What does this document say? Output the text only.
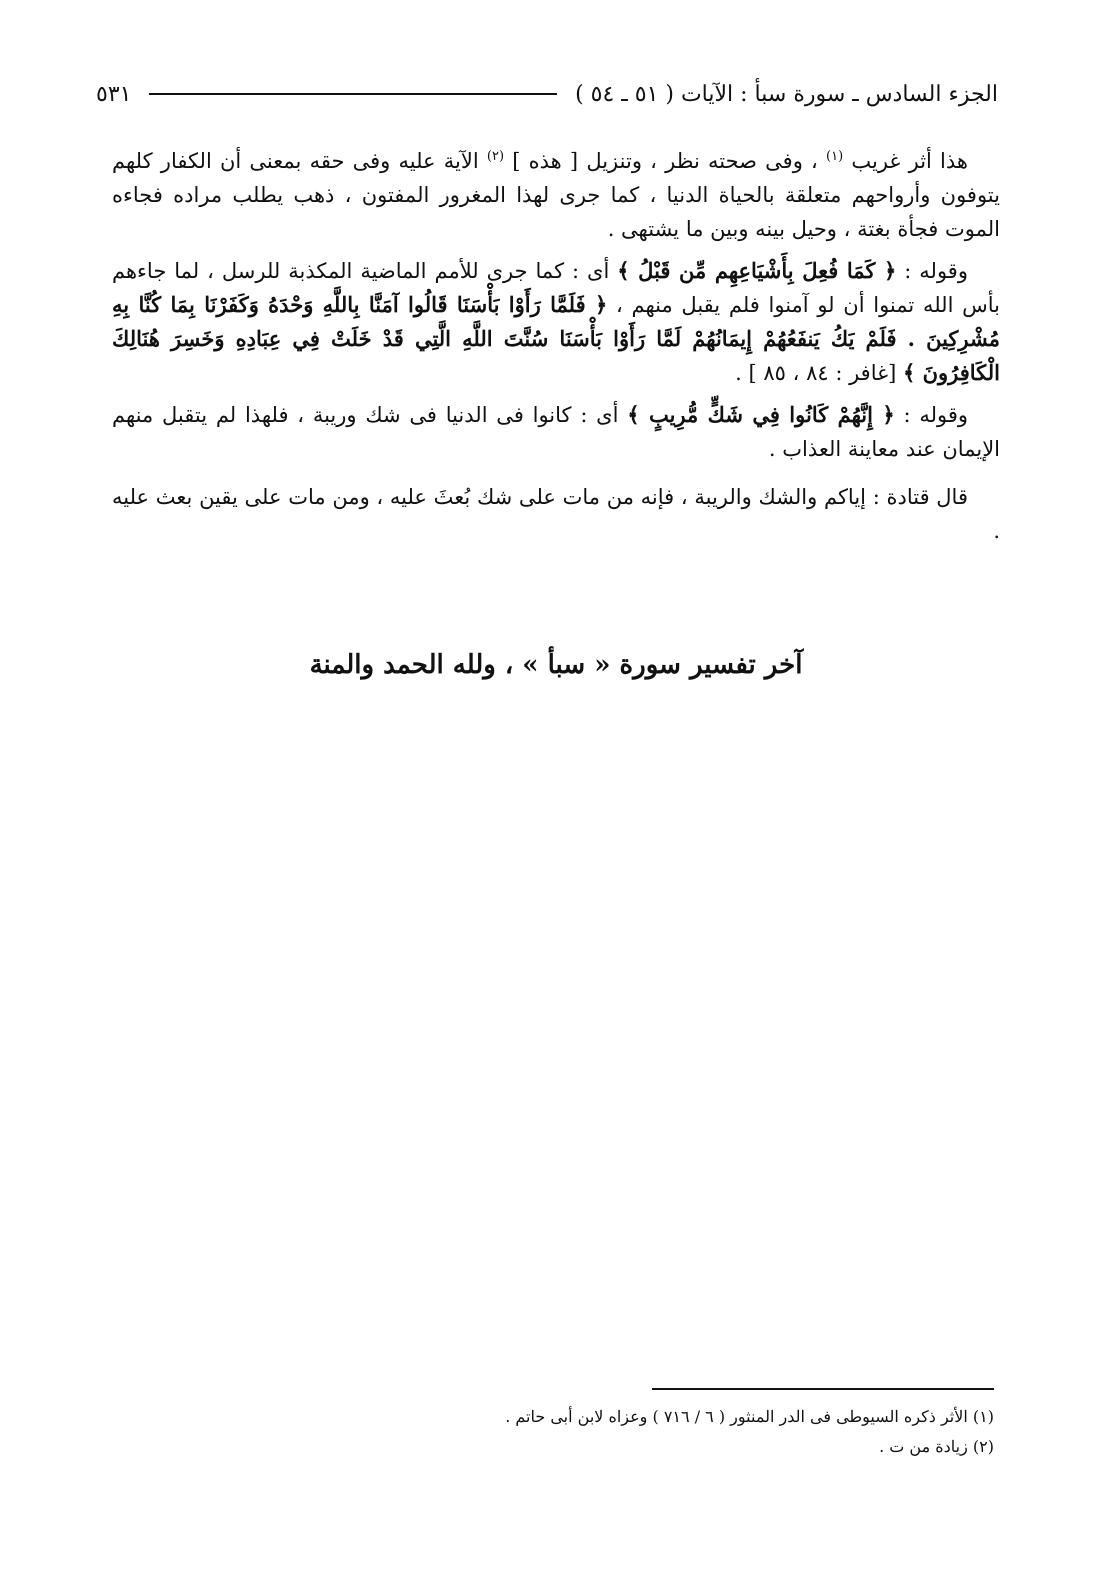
الجزء السادس ـ سورة سبأ : الآيات ( ٥١ ـ ٥٤ )
٥٣١

هذا أثر غريب $^{(١)}$ ، وفى صحته نظر ، وتنزيل [ هذه ] $^{(٢)}$ الآية عليه وفى حقه بمعنى أن الكفار كلهم يتوفون وأرواحهم متعلقة بالحياة الدنيا ، كما جرى لهذا المغرور المفتون ، ذهب يطلب مراده فجاءه الموت فجأة بغتة ، وحيل بينه وبين ما يشتهى .

وقوله : ﴿ كَمَا فُعِلَ بِأَشْيَاعِهِم مِّن قَبْلُ ﴾ أى : كما جرى للأمم الماضية المكذبة للرسل ، لما جاءهم بأس الله تمنوا أن لو آمنوا فلم يقبل منهم ، ﴿ فَلَمَّا رَأَوْا بَأْسَنَا قَالُوا آمَنَّا بِاللَّهِ وَحْدَهُ وَكَفَرْنَا بِمَا كُنَّا بِهِ مُشْرِكِينَ . فَلَمْ يَكُ يَنفَعُهُمْ إِيمَانُهُمْ لَمَّا رَأَوْا بَأْسَنَا سُنَّتَ اللَّهِ الَّتِي قَدْ خَلَتْ فِي عِبَادِهِ وَخَسِرَ هُنَالِكَ الْكَافِرُونَ ﴾ [غافر : ٨٤ ، ٨٥ ] .

وقوله : ﴿ إِنَّهُمْ كَانُوا فِي شَكٍّ مُّرِيبٍ ﴾ أى : كانوا فى الدنيا فى شك وريبة ، فلهذا لم يتقبل منهم الإيمان عند معاينة العذاب .

قال قتادة : إياكم والشك والريبة ، فإنه من مات على شك بُعثَ عليه ، ومن مات على يقين بعث عليه .

آخر تفسير سورة « سبأ » ، ولله الحمد والمنة

(١) الأثر ذكره السيوطى فى الدر المنثور ( ٦ / ٧١٦ ) وعزاه لابن أبى حاتم .

(٢) زيادة من ت .
